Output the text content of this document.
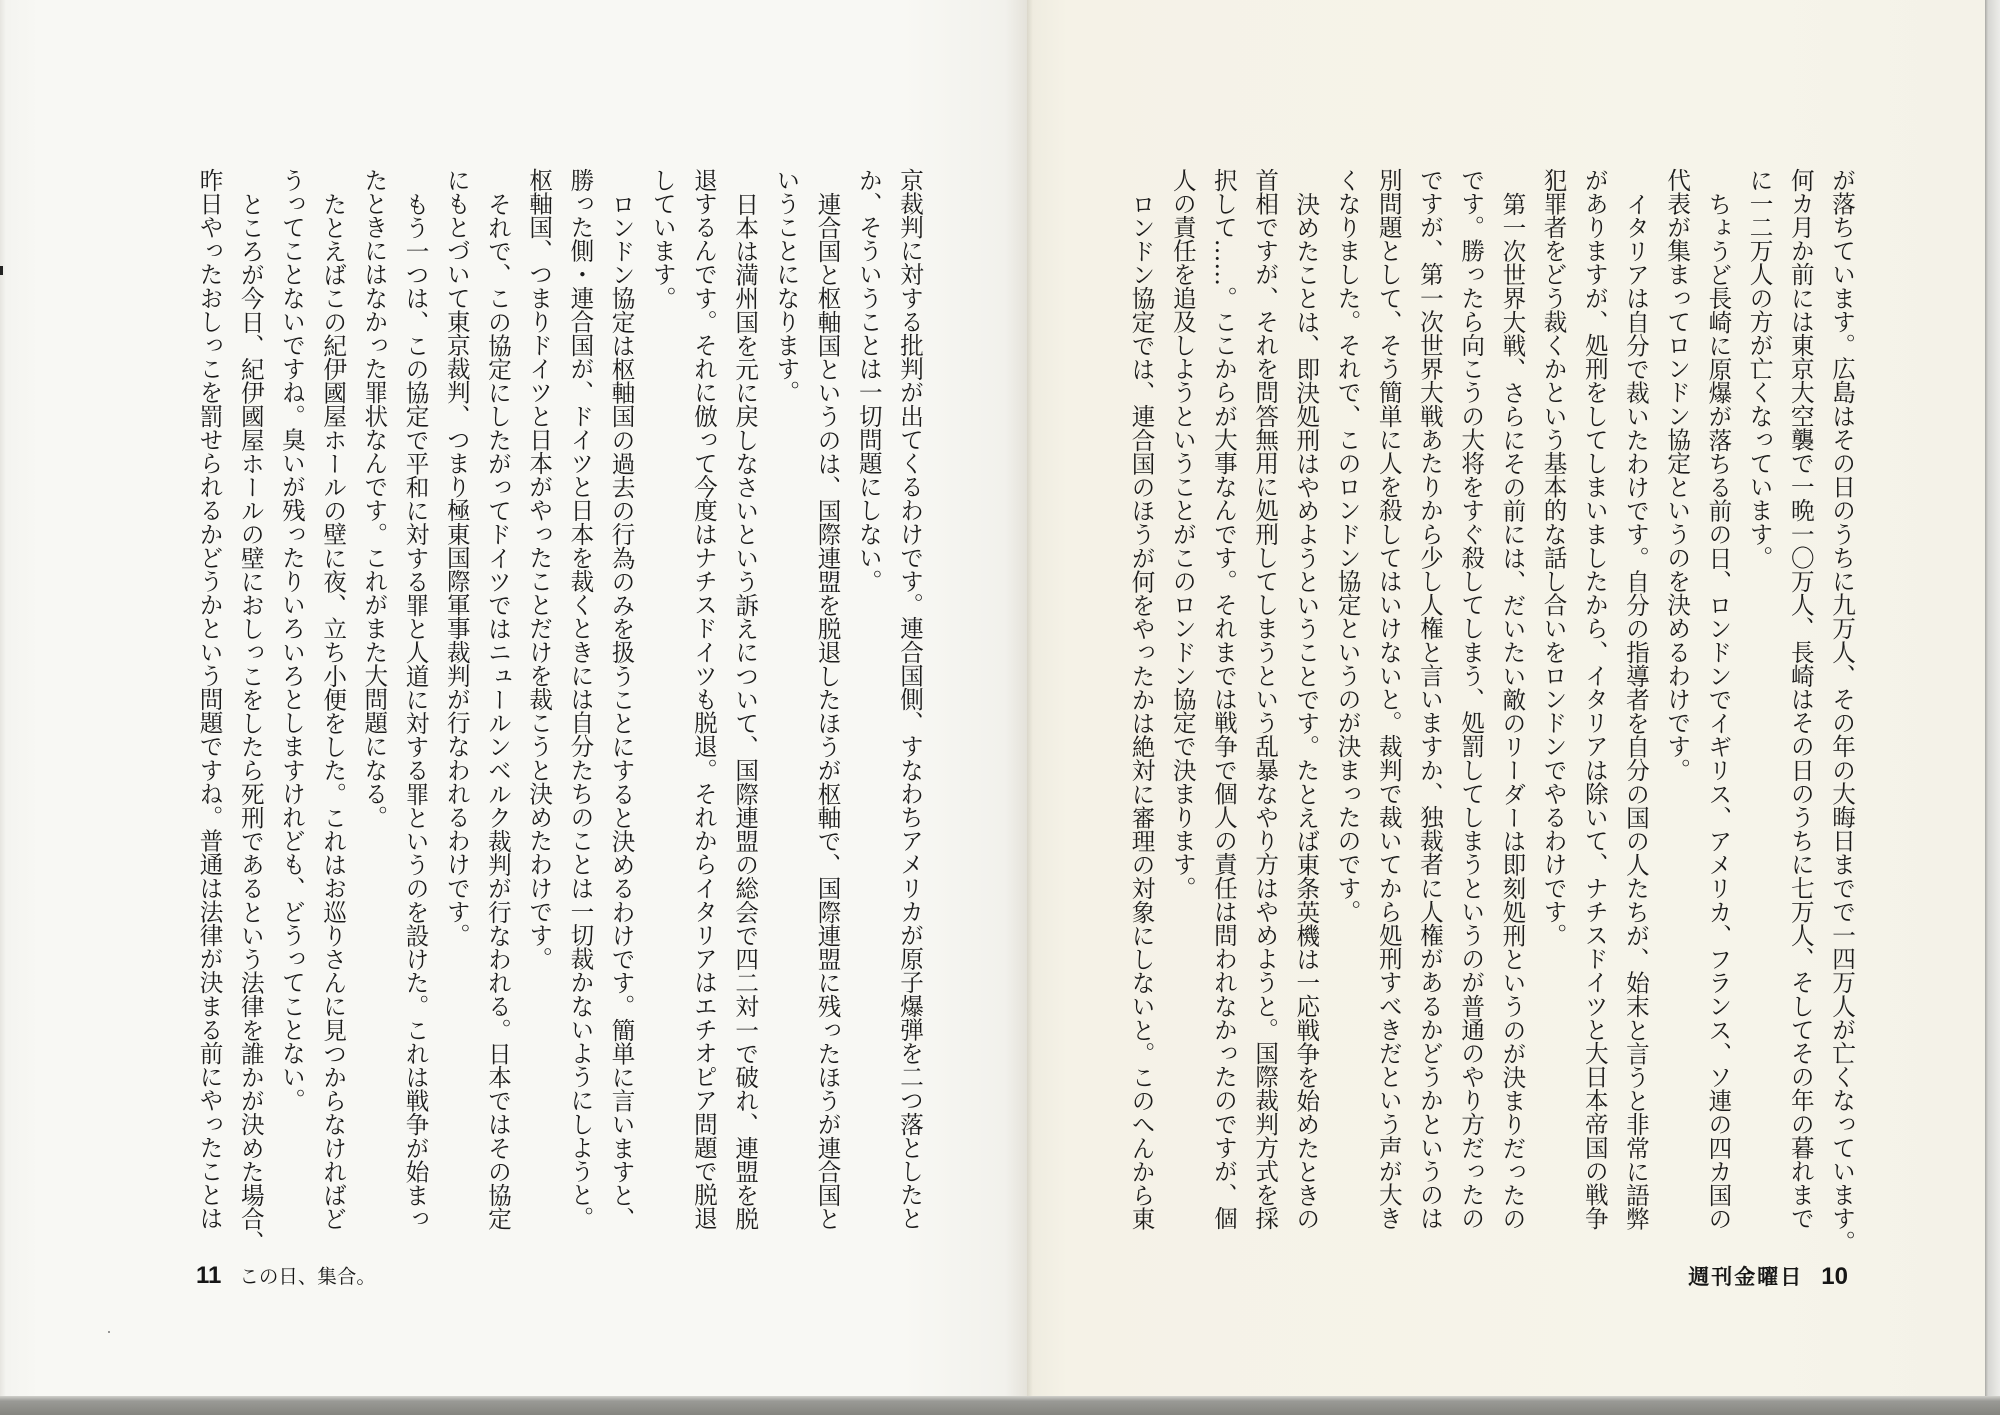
が落ちています。広島はその日のうちに九万人、その年の大晦日までで一四万人が亡くなっています。
何カ月か前には東京大空襲で一晩一〇万人、長崎はその日のうちに七万人、そしてその年の暮れまで
に一二万人の方が亡くなっています。
ちょうど長崎に原爆が落ちる前の日、ロンドンでイギリス、アメリカ、フランス、ソ連の四カ国の
代表が集まってロンドン協定というのを決めるわけです。
イタリアは自分で裁いたわけです。自分の指導者を自分の国の人たちが、始末と言うと非常に語弊
がありますが、処刑をしてしまいましたから、イタリアは除いて、ナチスドイツと大日本帝国の戦争
犯罪者をどう裁くかという基本的な話し合いをロンドンでやるわけです。
第一次世界大戦、さらにその前には、だいたい敵のリーダーは即刻処刑というのが決まりだったの
です。勝ったら向こうの大将をすぐ殺してしまう、処罰してしまうというのが普通のやり方だったの
ですが、第一次世界大戦あたりから少し人権と言いますか、独裁者に人権があるかどうかというのは
別問題として、そう簡単に人を殺してはいけないと。裁判で裁いてから処刑すべきだという声が大き
くなりました。それで、このロンドン協定というのが決まったのです。
決めたことは、即決処刑はやめようということです。たとえば東条英機は一応戦争を始めたときの
首相ですが、それを問答無用に処刑してしまうという乱暴なやり方はやめようと。国際裁判方式を採
択して……。ここからが大事なんです。それまでは戦争で個人の責任は問われなかったのですが、個
人の責任を追及しようということがこのロンドン協定で決まります。
ロンドン協定では、連合国のほうが何をやったかは絶対に審理の対象にしないと。このへんから東
京裁判に対する批判が出てくるわけです。連合国側、すなわちアメリカが原子爆弾を二つ落としたと
か、そういうことは一切問題にしない。
連合国と枢軸国というのは、国際連盟を脱退したほうが枢軸で、国際連盟に残ったほうが連合国と
いうことになります。
日本は満州国を元に戻しなさいという訴えについて、国際連盟の総会で四二対一で破れ、連盟を脱
退するんです。それに倣って今度はナチスドイツも脱退。それからイタリアはエチオピア問題で脱退
しています。
ロンドン協定は枢軸国の過去の行為のみを扱うことにすると決めるわけです。簡単に言いますと、
勝った側・連合国が、ドイツと日本を裁くときには自分たちのことは一切裁かないようにしようと。
枢軸国、つまりドイツと日本がやったことだけを裁こうと決めたわけです。
それで、この協定にしたがってドイツではニュールンベルク裁判が行なわれる。日本ではその協定
にもとづいて東京裁判、つまり極東国際軍事裁判が行なわれるわけです。
もう一つは、この協定で平和に対する罪と人道に対する罪というのを設けた。これは戦争が始まっ
たときにはなかった罪状なんです。これがまた大問題になる。
たとえばこの紀伊國屋ホールの壁に夜、立ち小便をした。これはお巡りさんに見つからなければど
うってことないですね。臭いが残ったりいろいろとしますけれども、どうってことない。
ところが今日、紀伊國屋ホールの壁におしっこをしたら死刑であるという法律を誰かが決めた場合、
昨日やったおしっこを罰せられるかどうかという問題ですね。普通は法律が決まる前にやったことは
11 この日、集合。	週刊金曜日 10
